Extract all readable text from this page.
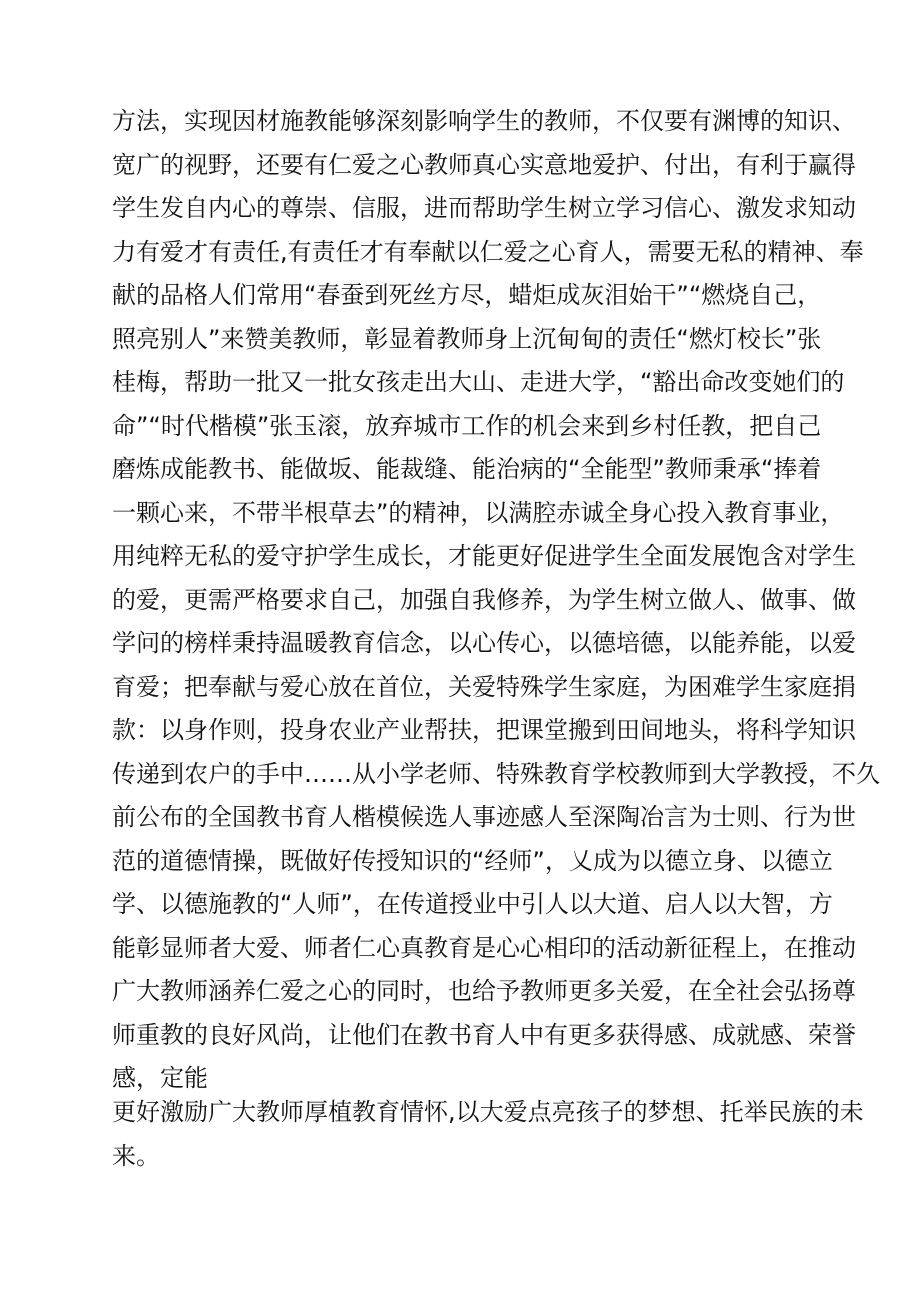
方法，实现因材施教能够深刻影响学生的教师，不仅要有渊博的知识、
宽广的视野，还要有仁爱之心教师真心实意地爱护、付出，有利于赢得
学生发自内心的尊崇、信服，进而帮助学生树立学习信心、激发求知动
力有爱才有责任,有责任才有奉献以仁爱之心育人，需要无私的精神、奉
献的品格人们常用“春蚕到死丝方尽，蜡炬成灰泪始干”“燃烧自己，
照亮别人”来赞美教师，彰显着教师身上沉甸甸的责任“燃灯校长”张
桂梅，帮助一批又一批女孩走出大山、走进大学，“豁出命改变她们的
命”“时代楷模”张玉滚，放弃城市工作的机会来到乡村任教，把自己
磨炼成能教书、能做坂、能裁缝、能治病的“全能型”教师秉承“捧着
一颗心来，不带半根草去”的精神，以满腔赤诚全身心投入教育事业，
用纯粹无私的爱守护学生成长，才能更好促进学生全面发展饱含对学生
的爱，更需严格要求自己，加强自我修养，为学生树立做人、做事、做
学问的榜样秉持温暖教育信念，以心传心，以德培德，以能养能，以爱
育爱；把奉献与爱心放在首位，关爱特殊学生家庭，为困难学生家庭捐
款：以身作则，投身农业产业帮扶，把课堂搬到田间地头，将科学知识
传递到农户的手中……从小学老师、特殊教育学校教师到大学教授，不久
前公布的全国教书育人楷模候选人事迹感人至深陶冶言为士则、行为世
范的道德情操，既做好传授知识的“经师”，乂成为以德立身、以德立
学、以德施教的“人师”，在传道授业中引人以大道、启人以大智，方
能彰显师者大爱、师者仁心真教育是心心相印的活动新征程上，在推动
广大教师涵养仁爱之心的同时，也给予教师更多关爱，在全社会弘扬尊
师重教的良好风尚，让他们在教书育人中有更多获得感、成就感、荣誉
感，定能
更好激励广大教师厚植教育情怀,以大爱点亮孩子的梦想、托举民族的未
来。
